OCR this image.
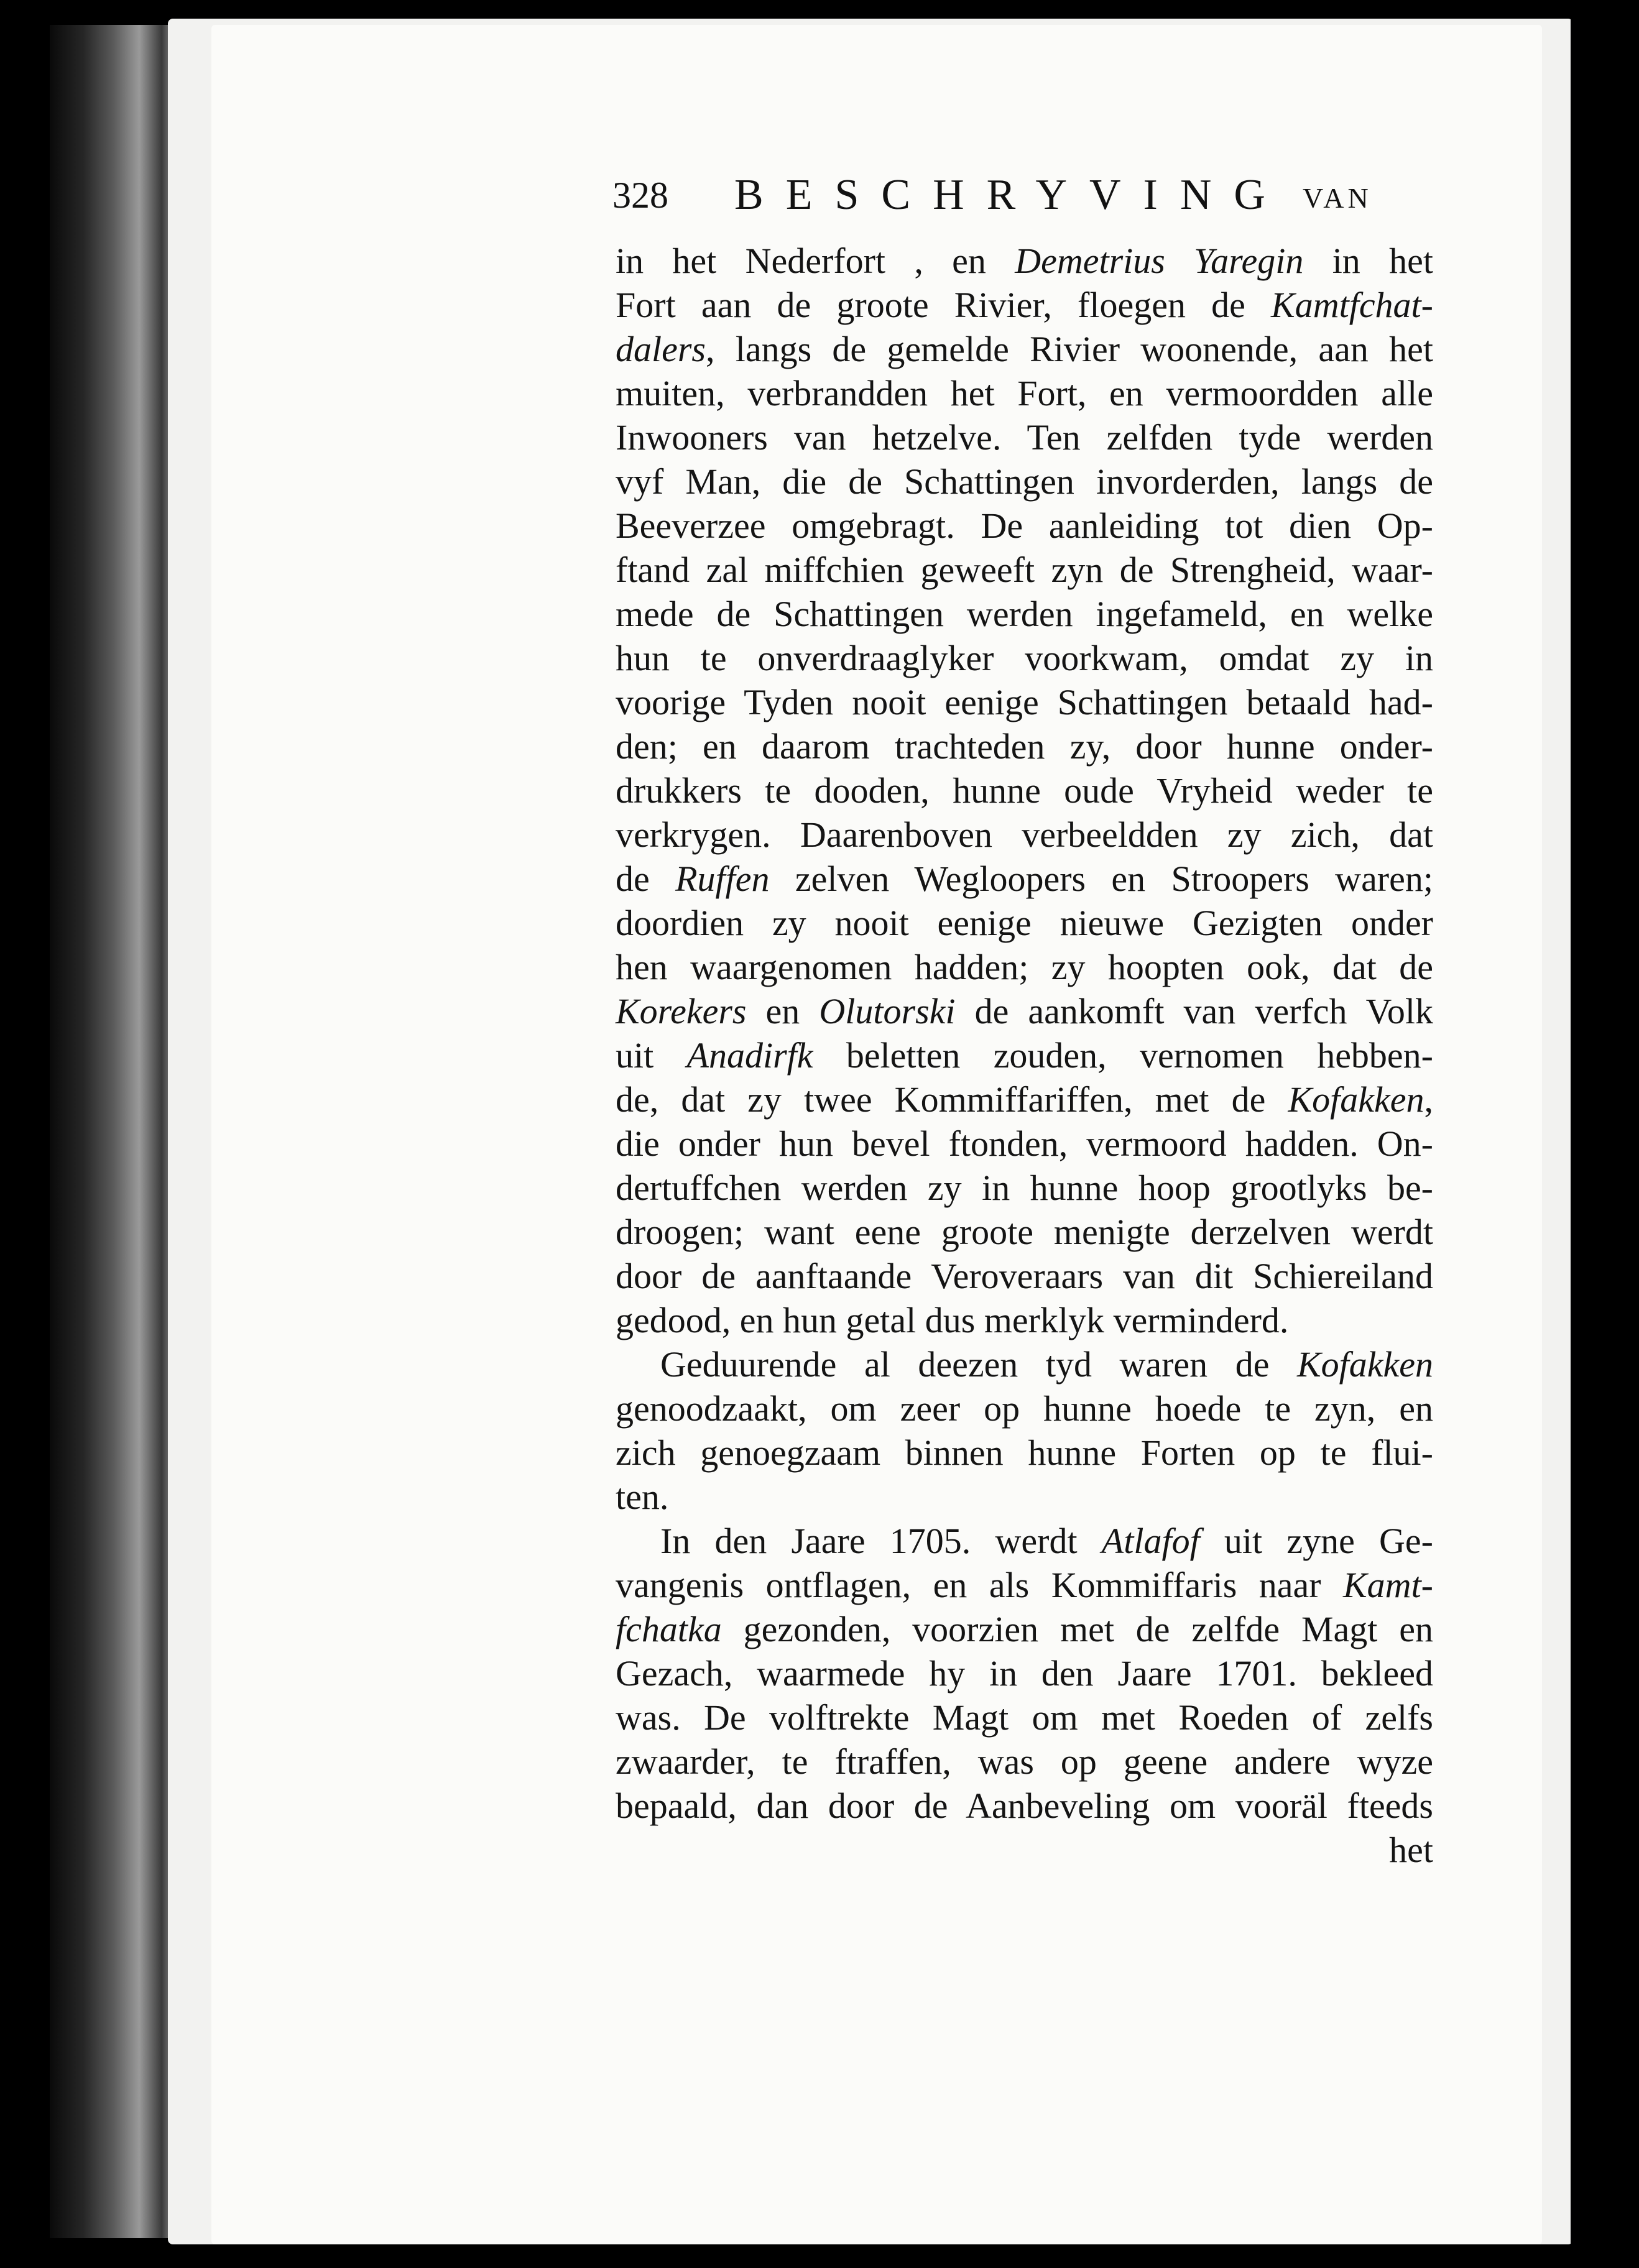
328 BESCHRYVING VAN
in het Nederfort , en Demetrius Yaregin in het
Fort aan de groote Rivier, floegen de Kamtfchat-
dalers, langs de gemelde Rivier woonende, aan het
muiten, verbrandden het Fort, en vermoordden alle
Inwooners van hetzelve. Ten zelfden tyde werden
vyf Man, die de Schattingen invorderden, langs de
Beeverzee omgebragt. De aanleiding tot dien Op-
ftand zal miffchien geweeft zyn de Strengheid, waar-
mede de Schattingen werden ingefameld, en welke
hun te onverdraaglyker voorkwam, omdat zy in
voorige Tyden nooit eenige Schattingen betaald had-
den; en daarom trachteden zy, door hunne onder-
drukkers te dooden, hunne oude Vryheid weder te
verkrygen. Daarenboven verbeeldden zy zich, dat
de Ruffen zelven Wegloopers en Stroopers waren;
doordien zy nooit eenige nieuwe Gezigten onder
hen waargenomen hadden; zy hoopten ook, dat de
Korekers en Olutorski de aankomft van verfch Volk
uit Anadirfk beletten zouden, vernomen hebben-
de, dat zy twee Kommiffariffen, met de Kofakken,
die onder hun bevel ftonden, vermoord hadden. On-
dertuffchen werden zy in hunne hoop grootlyks be-
droogen; want eene groote menigte derzelven werdt
door de aanftaande Veroveraars van dit Schiereiland
gedood, en hun getal dus merklyk verminderd.
Geduurende al deezen tyd waren de Kofakken
genoodzaakt, om zeer op hunne hoede te zyn, en
zich genoegzaam binnen hunne Forten op te flui-
ten.
In den Jaare 1705. werdt Atlafof uit zyne Ge-
vangenis ontflagen, en als Kommiffaris naar Kamt-
fchatka gezonden, voorzien met de zelfde Magt en
Gezach, waarmede hy in den Jaare 1701. bekleed
was. De volftrekte Magt om met Roeden of zelfs
zwaarder, te ftraffen, was op geene andere wyze
bepaald, dan door de Aanbeveling om vooräl fteeds
het
